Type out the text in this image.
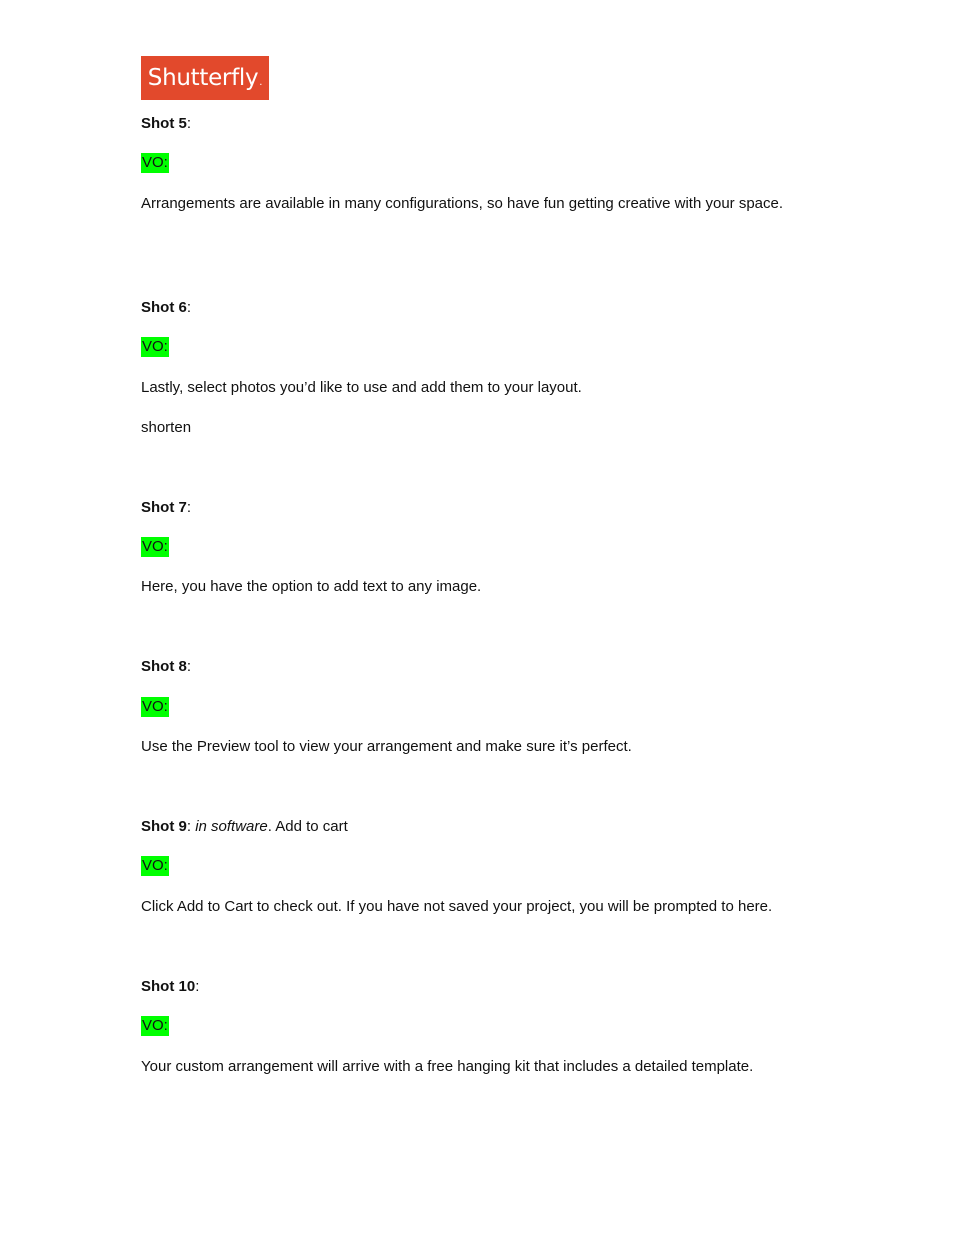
Shutterfly .
Shot 5:
VO:
Arrangements are available in many configurations, so have fun getting creative with your space.
Shot 6:
VO:
Lastly, select photos you’d like to use and add them to your layout.
shorten
Shot 7:
VO:
Here, you have the option to add text to any image.
Shot 8:
VO:
Use the Preview tool to view your arrangement and make sure it’s perfect.
Shot 9: in software. Add to cart
VO:
Click Add to Cart to check out. If you have not saved your project, you will be prompted to here.
Shot 10:
VO:
Your custom arrangement will arrive with a free hanging kit that includes a detailed template.
